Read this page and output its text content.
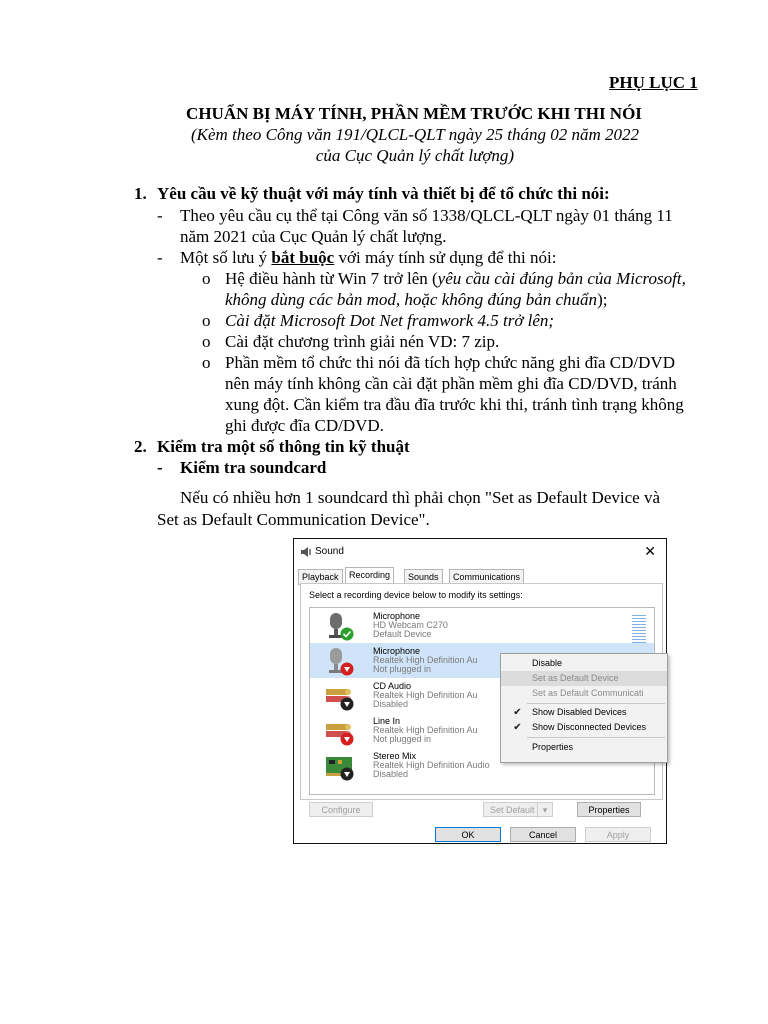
PHỤ LỤC 1
CHUẨN BỊ MÁY TÍNH, PHẦN MỀM TRƯỚC KHI THI NÓI
(Kèm theo Công văn 191/QLCL-QLT ngày 25 tháng 02 năm 2022
của Cục Quản lý chất lượng)
1. Yêu cầu về kỹ thuật với máy tính và thiết bị để tổ chức thi nói:
- Theo yêu cầu cụ thể tại Công văn số 1338/QLCL-QLT ngày 01 tháng 11
năm 2021 của Cục Quản lý chất lượng.
- Một số lưu ý bắt buộc với máy tính sử dụng để thi nói:
o Hệ điều hành từ Win 7 trở lên (yêu cầu cài đúng bản của Microsoft,
không dùng các bản mod, hoặc không đúng bản chuẩn);
o Cài đặt Microsoft Dot Net framwork 4.5 trở lên;
o Cài đặt chương trình giải nén VD: 7 zip.
o Phần mềm tổ chức thi nói đã tích hợp chức năng ghi đĩa CD/DVD
nên máy tính không cần cài đặt phần mềm ghi đĩa CD/DVD, tránh
xung đột. Cần kiểm tra đầu đĩa trước khi thi, tránh tình trạng không
ghi được đĩa CD/DVD.
2. Kiểm tra một số thông tin kỹ thuật
- Kiểm tra soundcard
Nếu có nhiều hơn 1 soundcard thì phải chọn "Set as Default Device và
Set as Default Communication Device".
Sound	✕
Playback	Recording	Sounds	Communications
Select a recording device below to modify its settings:
Microphone
HD Webcam C270
Default Device
Microphone
Realtek High Definition Au
Not plugged in
CD Audio
Realtek High Definition Au
Disabled
Line In
Realtek High Definition Au
Not plugged in
Stereo Mix
Realtek High Definition Audio
Disabled
Configure	Set Default ▾	Properties
OK	Cancel	Apply
Disable
Set as Default Device
Set as Default Communicati
✔	Show Disabled Devices
✔	Show Disconnected Devices
Properties
